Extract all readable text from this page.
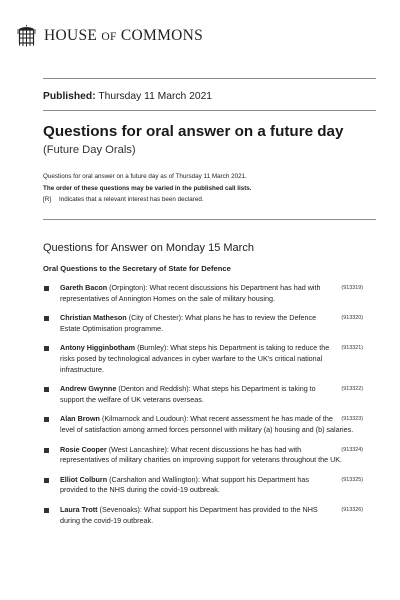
HOUSE OF COMMONS
Published: Thursday 11 March 2021
Questions for oral answer on a future day
(Future Day Orals)
Questions for oral answer on a future day as of Thursday 11 March 2021.
The order of these questions may be varied in the published call lists.
[R] Indicates that a relevant interest has been declared.
Questions for Answer on Monday 15 March
Oral Questions to the Secretary of State for Defence
(913319)
Gareth Bacon (Orpington): What recent discussions his Department has had with representatives of Annington Homes on the sale of military housing.
(913320)
Christian Matheson (City of Chester): What plans he has to review the Defence Estate Optimisation programme.
(913321)
Antony Higginbotham (Burnley): What steps his Department is taking to reduce the risks posed by technological advances in cyber warfare to the UK's critical national infrastructure.
(913322)
Andrew Gwynne (Denton and Reddish): What steps his Department is taking to support the welfare of UK veterans overseas.
(913323)
Alan Brown (Kilmarnock and Loudoun): What recent assessment he has made of the level of satisfaction among armed forces personnel with military (a) housing and (b) salaries.
(913324)
Rosie Cooper (West Lancashire): What recent discussions he has had with representatives of military charities on improving support for veterans throughout the UK.
(913325)
Elliot Colburn (Carshalton and Wallington): What support his Department has provided to the NHS during the covid-19 outbreak.
(913326)
Laura Trott (Sevenoaks): What support his Department has provided to the NHS during the covid-19 outbreak.
